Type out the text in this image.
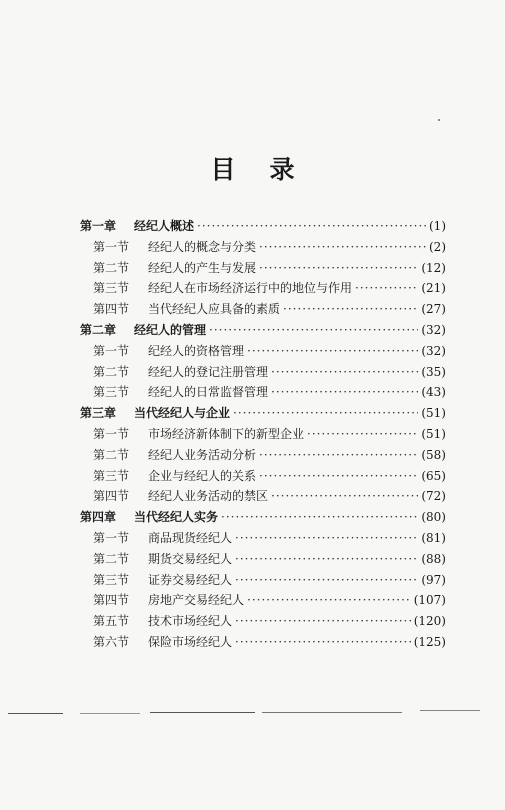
目 录
第一章	经纪人概述 ·····	(1)
第一节	经纪人的概念与分类 ·····	(2)
第二节	经纪人的产生与发展 ·····	(12)
第三节	经纪人在市场经济运行中的地位与作用 ·····	(21)
第四节	当代经纪人应具备的素质 ·····	(27)
第二章	经纪人的管理 ·····	(32)
第一节	纪经人的资格管理 ·····	(32)
第二节	经纪人的登记注册管理 ·····	(35)
第三节	经纪人的日常监督管理 ·····	(43)
第三章	当代经纪人与企业 ·····	(51)
第一节	市场经济新体制下的新型企业 ·····	(51)
第二节	经纪人业务活动分析 ·····	(58)
第三节	企业与经纪人的关系 ·····	(65)
第四节	经纪人业务活动的禁区 ·····	(72)
第四章	当代经纪人实务 ·····	(80)
第一节	商品现货经纪人 ·····	(81)
第二节	期货交易经纪人 ·····	(88)
第三节	证券交易经纪人 ·····	(97)
第四节	房地产交易经纪人 ·····	(107)
第五节	技术市场经纪人 ·····	(120)
第六节	保险市场经纪人 ·····	(125)
